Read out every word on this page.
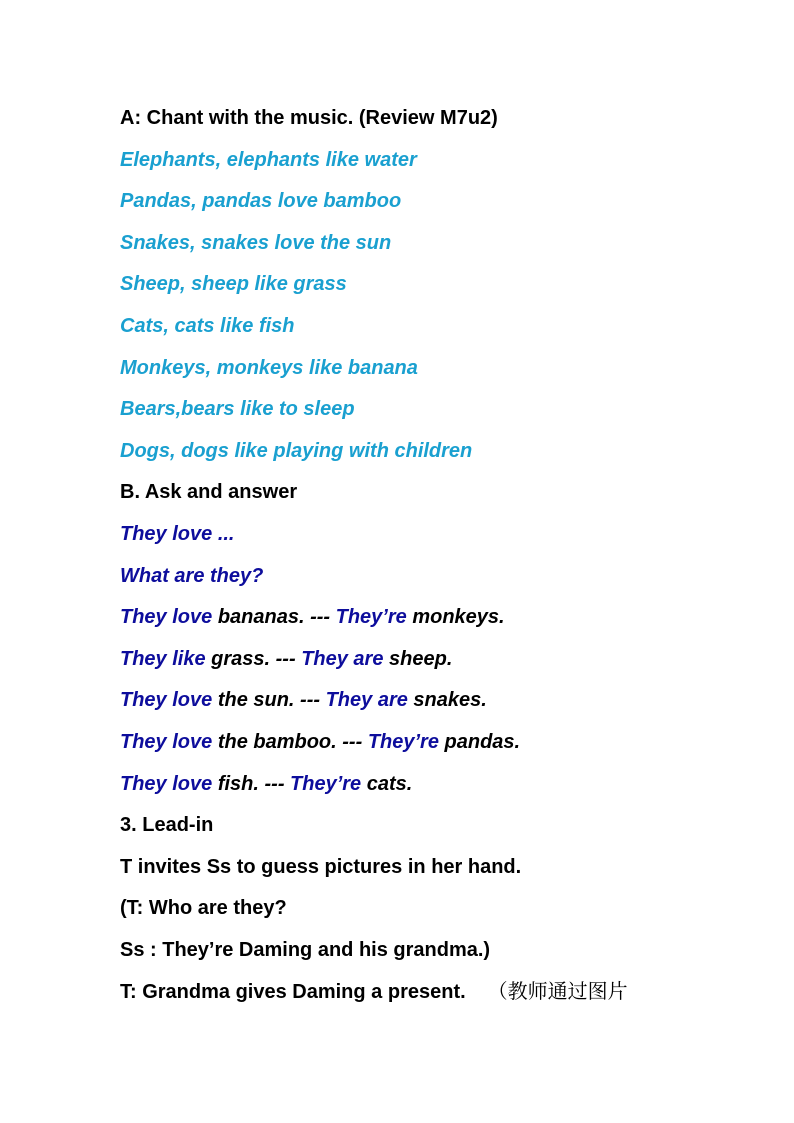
A: Chant with the music. (Review M7u2)
Elephants, elephants like water
Pandas, pandas love bamboo
Snakes, snakes love the sun
Sheep, sheep like grass
Cats, cats like fish
Monkeys, monkeys like banana
Bears,bears like to sleep
Dogs, dogs like playing with children
B. Ask and answer
They love ...
What are they?
They love bananas. --- They’re monkeys.
They like grass. --- They are sheep.
They love the sun. --- They are snakes.
They love the bamboo. --- They’re pandas.
They love fish. --- They’re cats.
3. Lead-in
T invites Ss to guess pictures in her hand.
(T: Who are they?
Ss : They’re Daming and his grandma.)
T: Grandma gives Daming a present. （教师通过图片
